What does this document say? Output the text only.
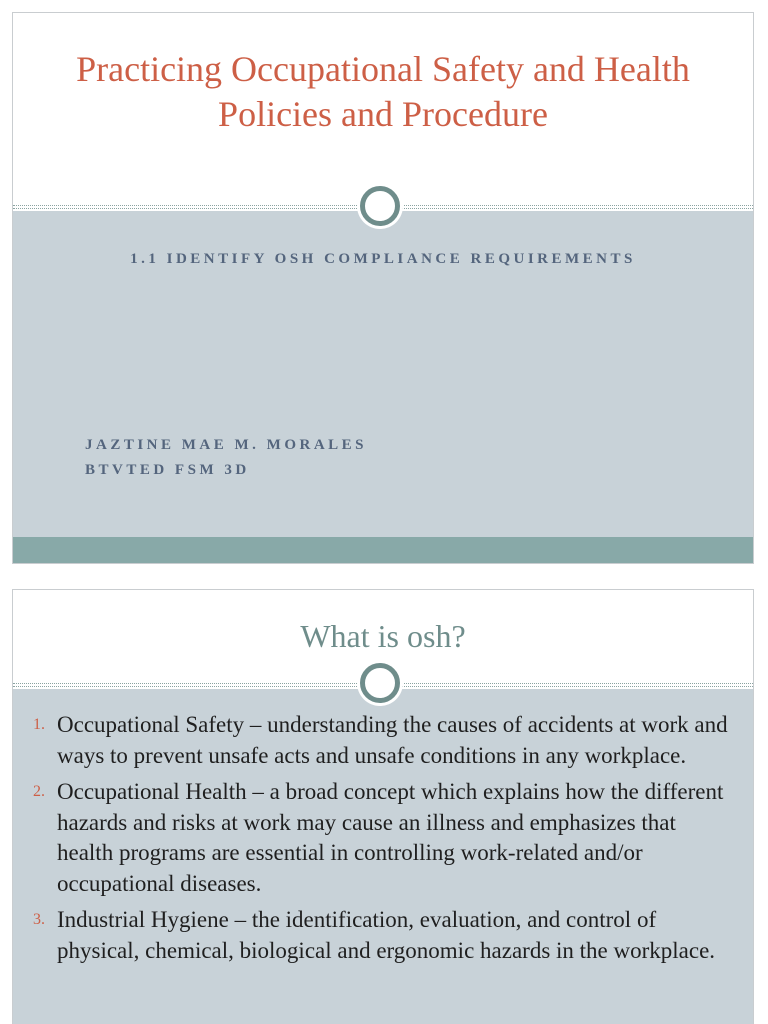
Practicing Occupational Safety and Health Policies and Procedure
1.1 IDENTIFY OSH COMPLIANCE REQUIREMENTS
JAZTINE MAE M. MORALES
BTVTED FSM 3D
What is osh?
1. Occupational Safety – understanding the causes of accidents at work and ways to prevent unsafe acts and unsafe conditions in any workplace.
2. Occupational Health – a broad concept which explains how the different hazards and risks at work may cause an illness and emphasizes that health programs are essential in controlling work-related and/or occupational diseases.
3. Industrial Hygiene – the identification, evaluation, and control of physical, chemical, biological and ergonomic hazards in the workplace.
